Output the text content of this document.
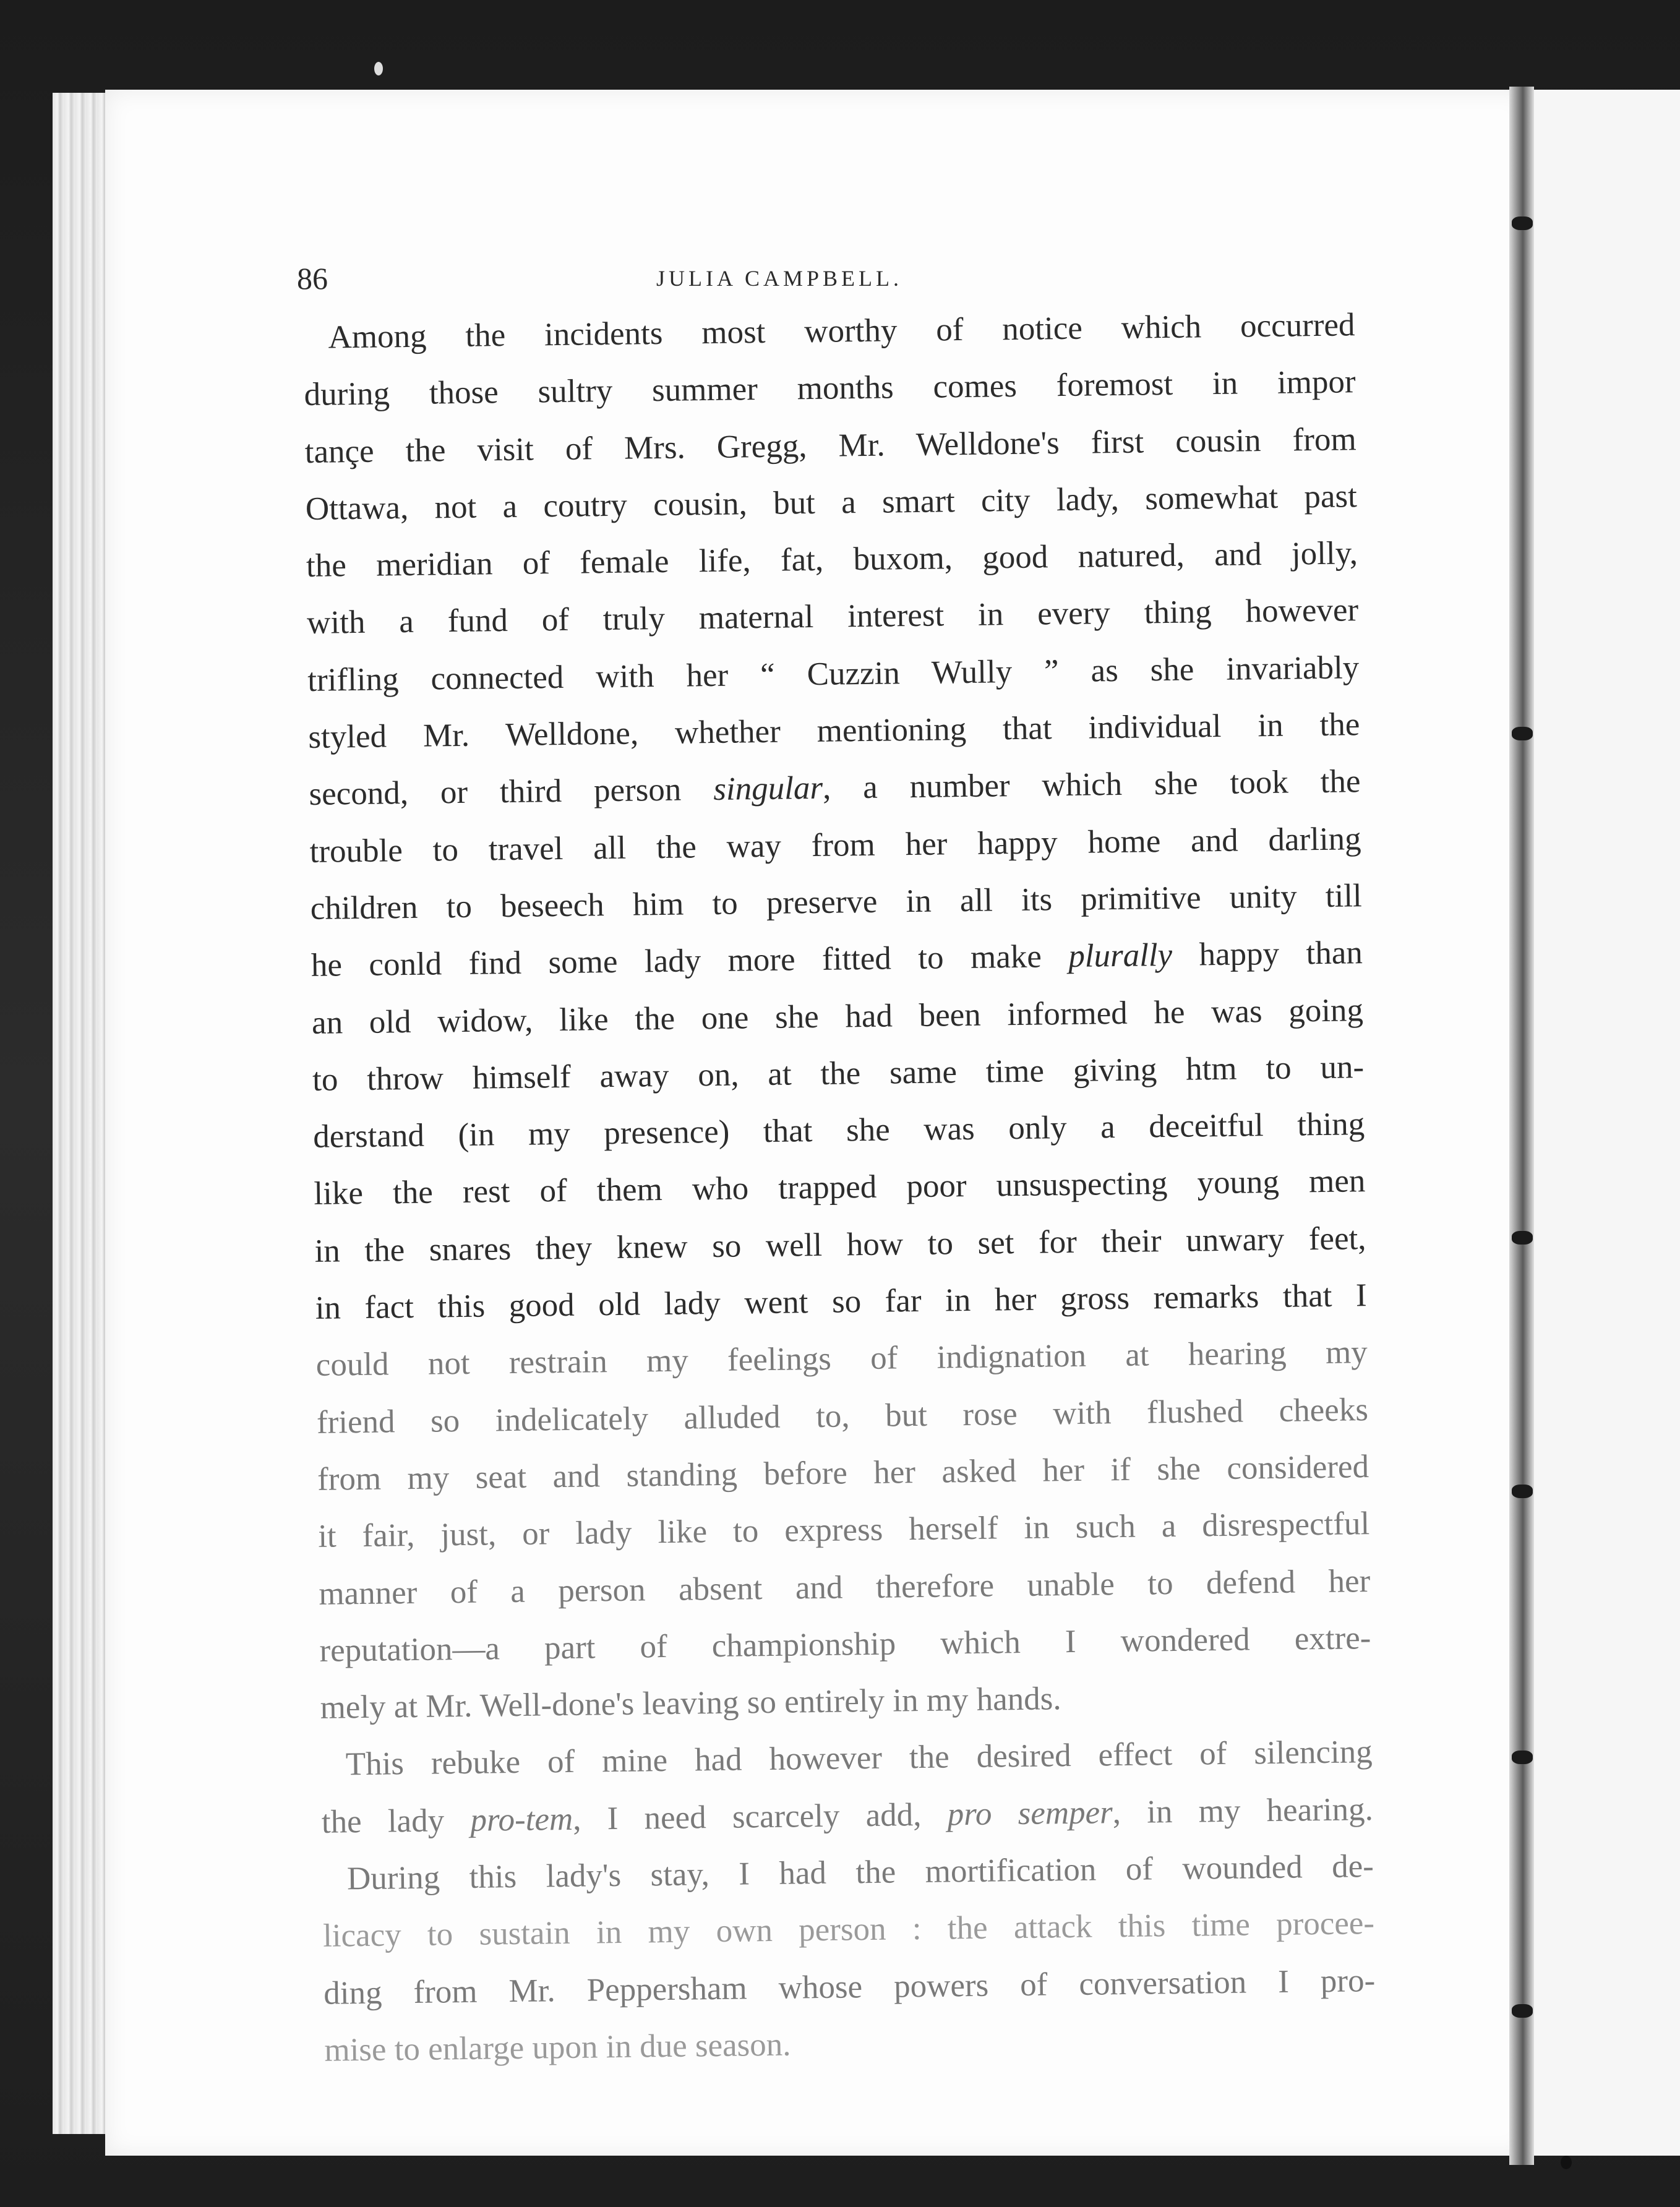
86	JULIA CAMPBELL.
Among the incidents most worthy of notice which occurred
during those sultry summer months comes foremost in impor
tançe the visit of Mrs. Gregg, Mr. Welldone's first cousin from
Ottawa, not a coutry cousin, but a smart city lady, somewhat past
the meridian of female life, fat, buxom, good natured, and jolly,
with a fund of truly maternal interest in every thing however
trifling connected with her “ Cuzzin Wully ” as she invariably
styled Mr. Welldone, whether mentioning that individual in the
second, or third person singular, a number which she took the
trouble to travel all the way from her happy home and darling
children to beseech him to preserve in all its primitive unity till
he conld find some lady more fitted to make plurally happy than
an old widow, like the one she had been informed he was going
to throw himself away on, at the same time giving htm to un-
derstand (in my presence) that she was only a deceitful thing
like the rest of them who trapped poor unsuspecting young men
in the snares they knew so well how to set for their unwary feet,
in fact this good old lady went so far in her gross remarks that I
could not restrain my feelings of indignation at hearing my
friend so indelicately alluded to, but rose with flushed cheeks
from my seat and standing before her asked her if she considered
it fair, just, or lady like to express herself in such a disrespectful
manner of a person absent and therefore unable to defend her
reputation—a part of championship which I wondered extre-
mely at Mr. Well-done's leaving so entirely in my hands.
This rebuke of mine had however the desired effect of silencing
the lady pro-tem, I need scarcely add, pro semper, in my hearing.
During this lady's stay, I had the mortification of wounded de-
licacy to sustain in my own person : the attack this time procee-
ding from Mr. Peppersham whose powers of conversation I pro-
mise to enlarge upon in due season.
